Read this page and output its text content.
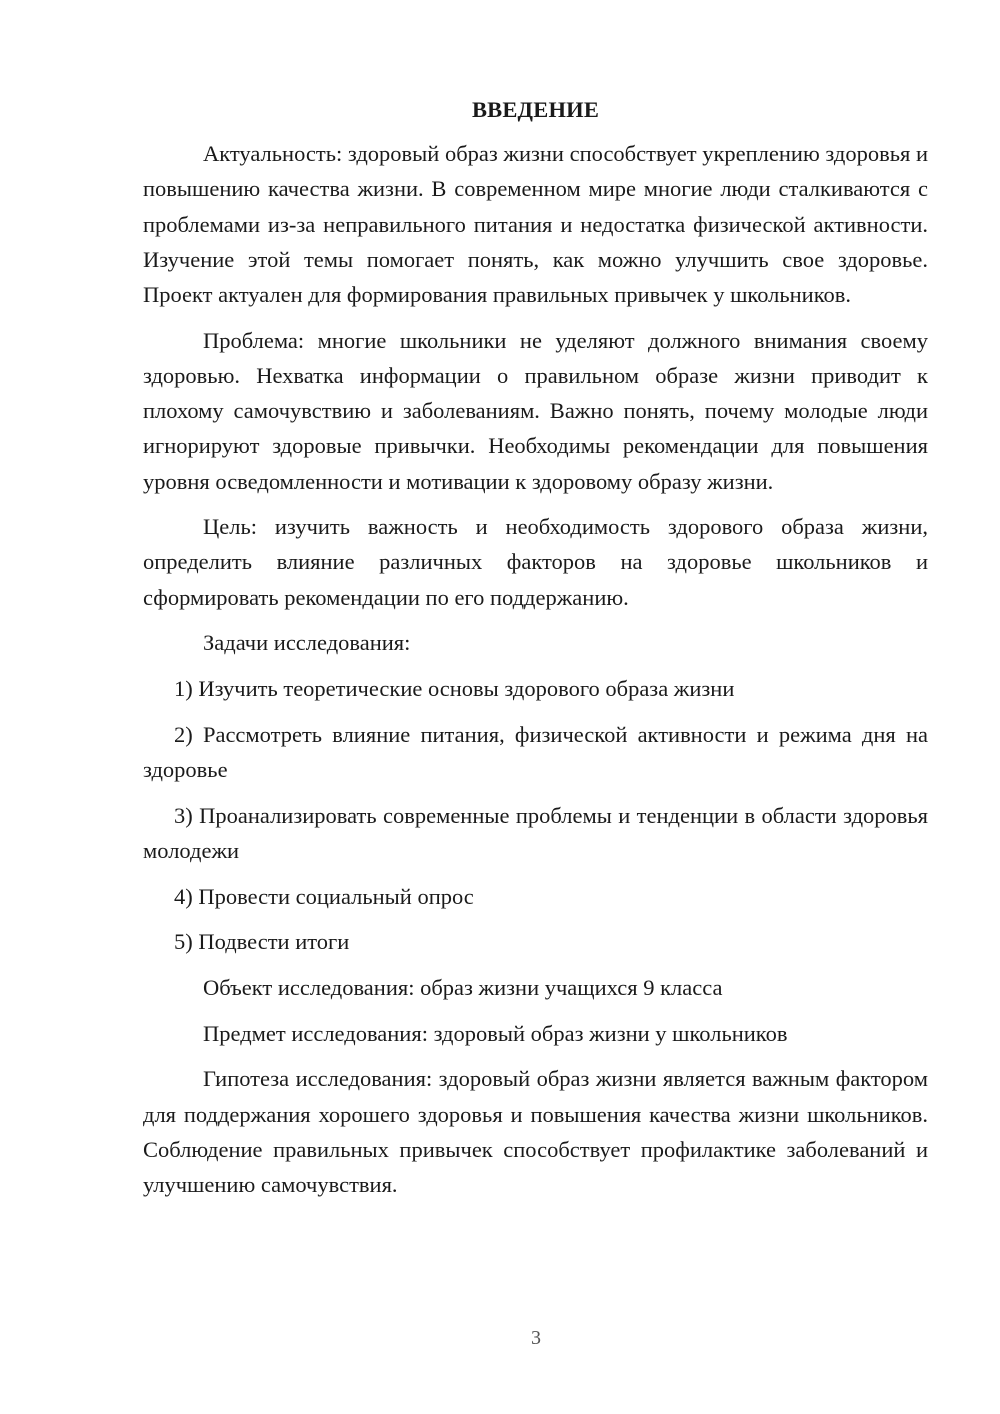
ВВЕДЕНИЕ

Актуальность: здоровый образ жизни способствует укреплению здоровья и повышению качества жизни. В современном мире многие люди сталкиваются с проблемами из-за неправильного питания и недостатка физической активности. Изучение этой темы помогает понять, как можно улучшить свое здоровье. Проект актуален для формирования правильных привычек у школьников.

Проблема: многие школьники не уделяют должного внимания своему здоровью. Нехватка информации о правильном образе жизни приводит к плохому самочувствию и заболеваниям. Важно понять, почему молодые люди игнорируют здоровые привычки. Необходимы рекомендации для повышения уровня осведомленности и мотивации к здоровому образу жизни.

Цель: изучить важность и необходимость здорового образа жизни, определить влияние различных факторов на здоровье школьников и сформировать рекомендации по его поддержанию.

Задачи исследования:

1) Изучить теоретические основы здорового образа жизни

2) Рассмотреть влияние питания, физической активности и режима дня на здоровье

3) Проанализировать современные проблемы и тенденции в области здоровья молодежи

4) Провести социальный опрос

5) Подвести итоги

Объект исследования: образ жизни учащихся 9 класса

Предмет исследования: здоровый образ жизни у школьников

Гипотеза исследования: здоровый образ жизни является важным фактором для поддержания хорошего здоровья и повышения качества жизни школьников. Соблюдение правильных привычек способствует профилактике заболеваний и улучшению самочувствия.

3
